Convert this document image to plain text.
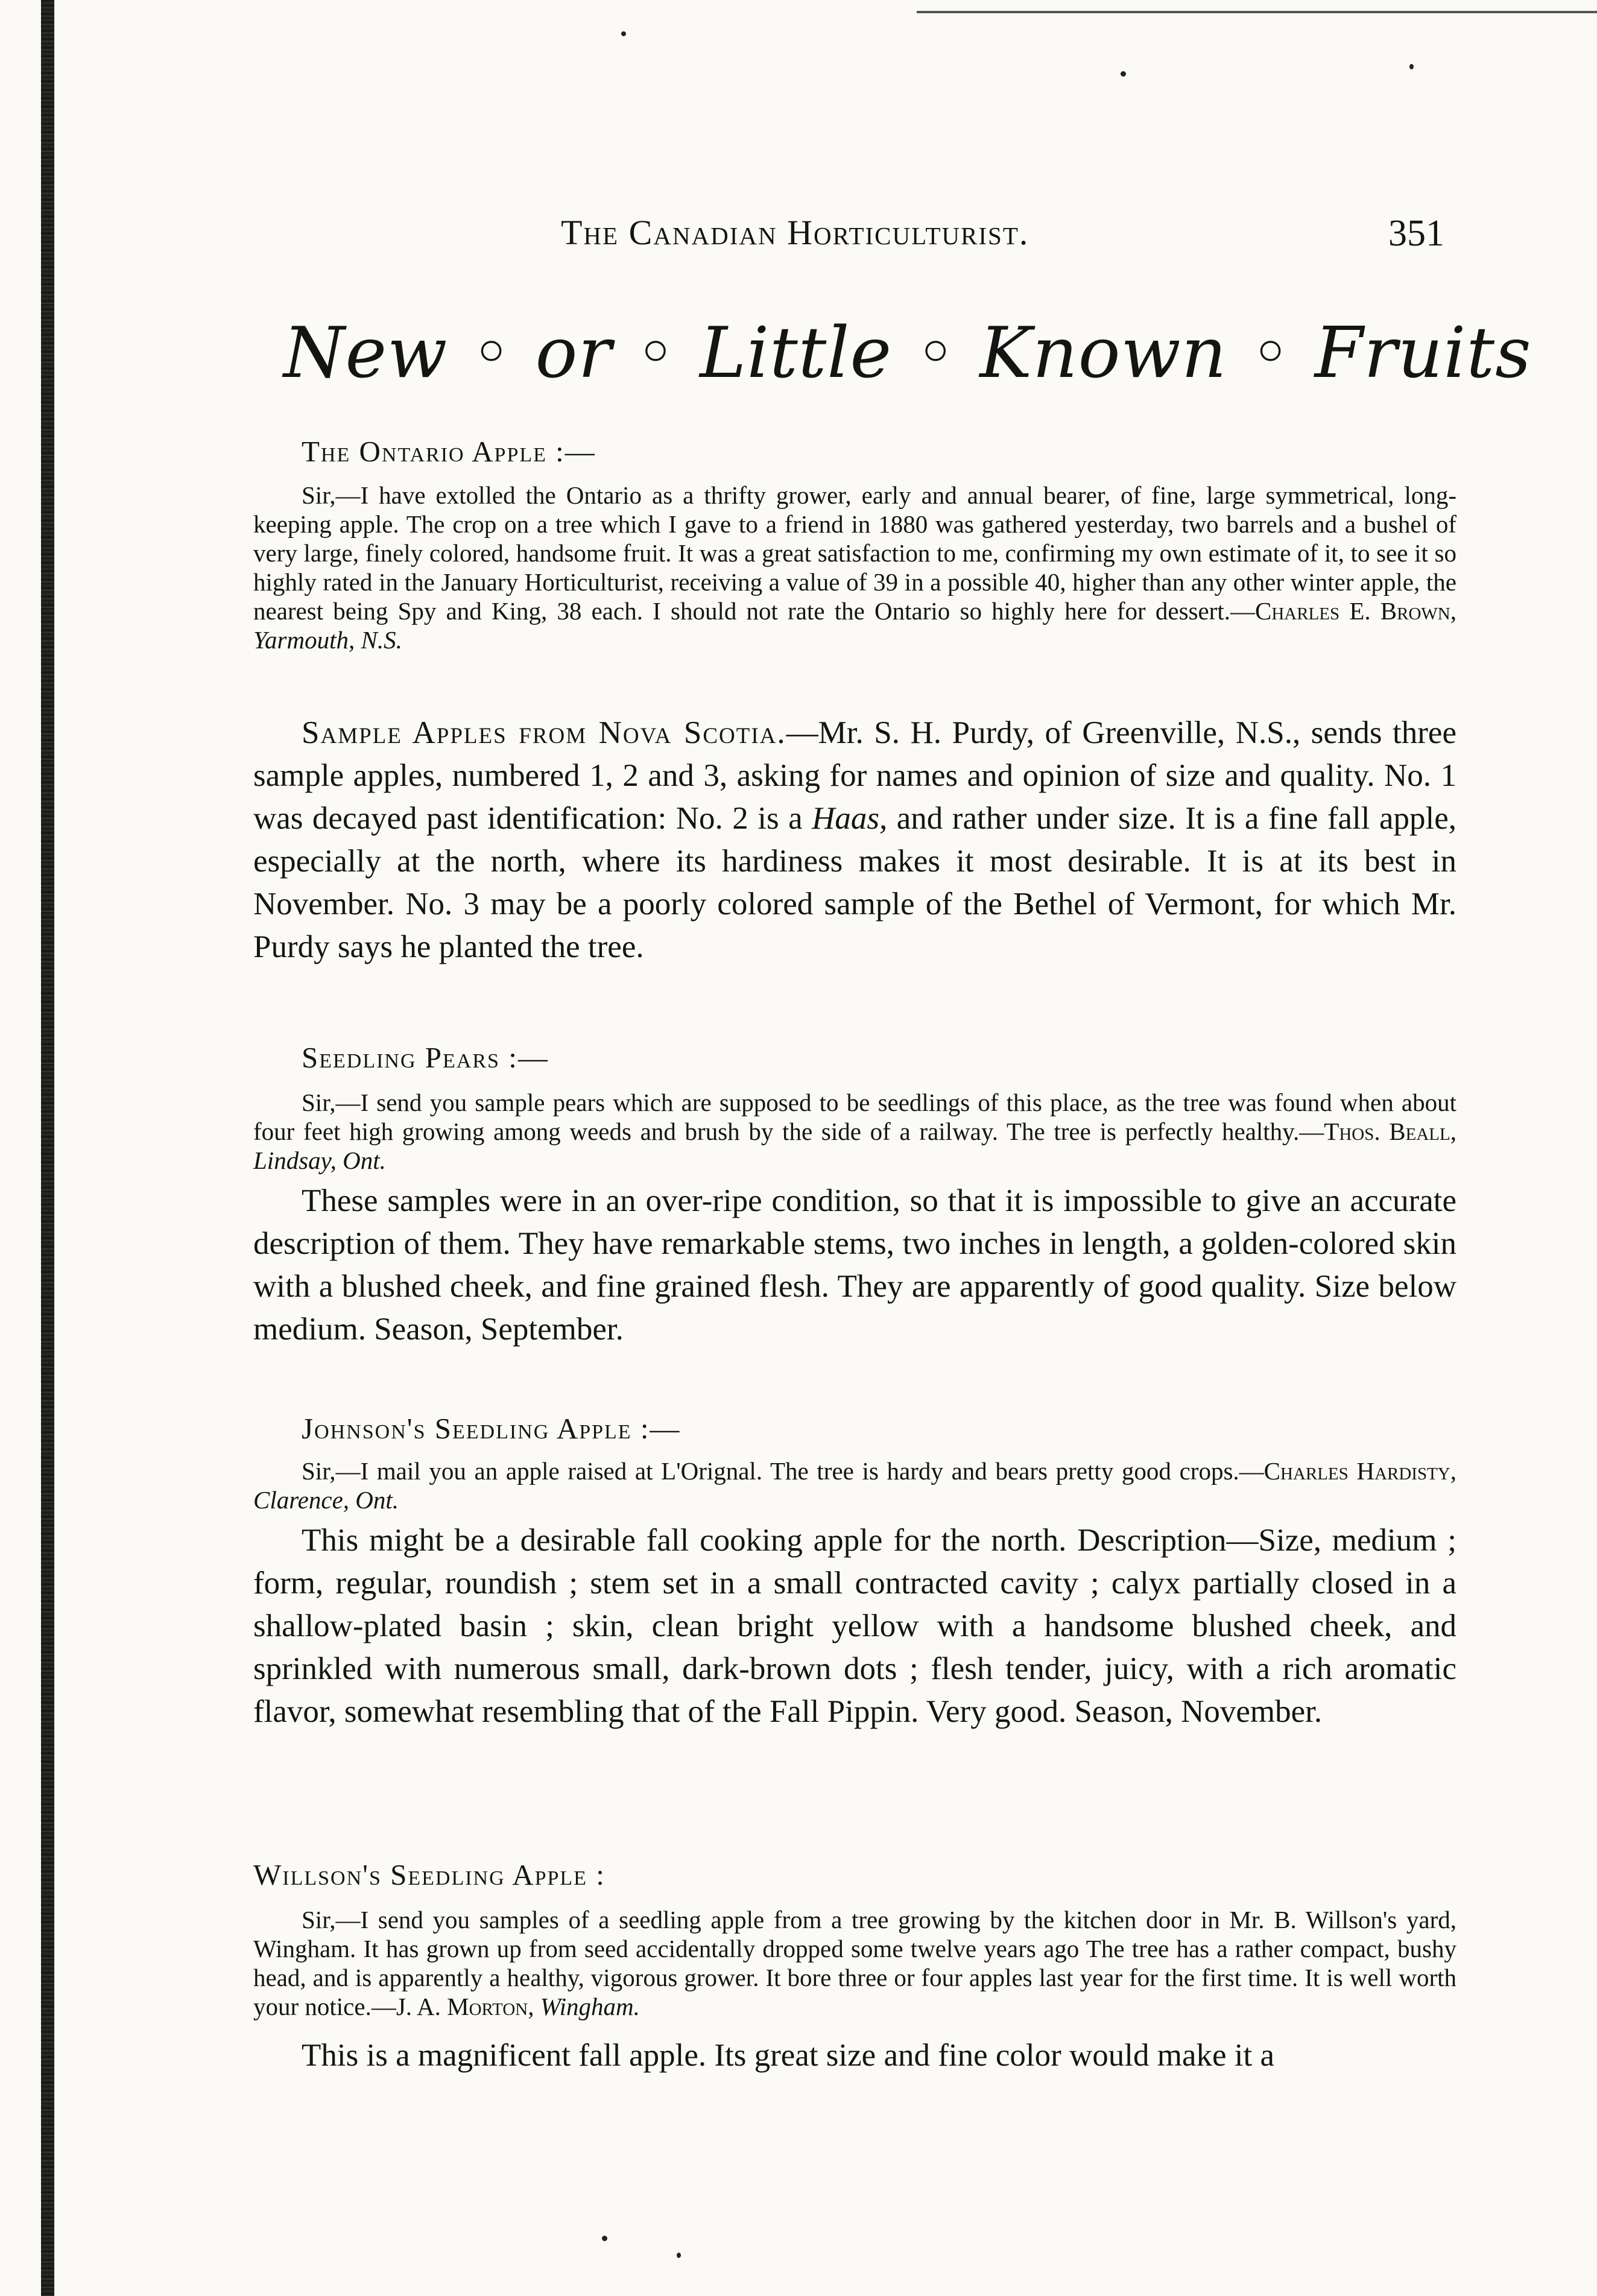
The Canadian Horticulturist.	351
New ◦ or ◦ Little ◦ Known ◦ Fruits

The Ontario Apple :—

Sir,—I have extolled the Ontario as a thrifty grower, early and annual bearer, of fine, large symmetrical, long-keeping apple. The crop on a tree which I gave to a friend in 1880 was gathered yesterday, two barrels and a bushel of very large, finely colored, handsome fruit. It was a great satisfaction to me, confirming my own estimate of it, to see it so highly rated in the January Horticulturist, receiving a value of 39 in a possible 40, higher than any other winter apple, the nearest being Spy and King, 38 each. I should not rate the Ontario so highly here for dessert.—Charles E. Brown, Yarmouth, N.S.

Sample Apples from Nova Scotia.—Mr. S. H. Purdy, of Greenville, N.S., sends three sample apples, numbered 1, 2 and 3, asking for names and opinion of size and quality. No. 1 was decayed past identification: No. 2 is a Haas, and rather under size. It is a fine fall apple, especially at the north, where its hardiness makes it most desirable. It is at its best in November. No. 3 may be a poorly colored sample of the Bethel of Vermont, for which Mr. Purdy says he planted the tree.

Seedling Pears :—

Sir,—I send you sample pears which are supposed to be seedlings of this place, as the tree was found when about four feet high growing among weeds and brush by the side of a railway. The tree is perfectly healthy.—Thos. Beall, Lindsay, Ont.

These samples were in an over-ripe condition, so that it is impossible to give an accurate description of them. They have remarkable stems, two inches in length, a golden-colored skin with a blushed cheek, and fine grained flesh. They are apparently of good quality. Size below medium. Season, September.

Johnson's Seedling Apple :—

Sir,—I mail you an apple raised at L'Orignal. The tree is hardy and bears pretty good crops.—Charles Hardisty, Clarence, Ont.

This might be a desirable fall cooking apple for the north. Description—Size, medium ; form, regular, roundish ; stem set in a small contracted cavity ; calyx partially closed in a shallow-plated basin ; skin, clean bright yellow with a handsome blushed cheek, and sprinkled with numerous small, dark-brown dots ; flesh tender, juicy, with a rich aromatic flavor, somewhat resembling that of the Fall Pippin. Very good. Season, November.

Willson's Seedling Apple :

Sir,—I send you samples of a seedling apple from a tree growing by the kitchen door in Mr. B. Willson's yard, Wingham. It has grown up from seed accidentally dropped some twelve years ago The tree has a rather compact, bushy head, and is apparently a healthy, vigorous grower. It bore three or four apples last year for the first time. It is well worth your notice.—J. A. Morton, Wingham.

This is a magnificent fall apple. Its great size and fine color would make it a
